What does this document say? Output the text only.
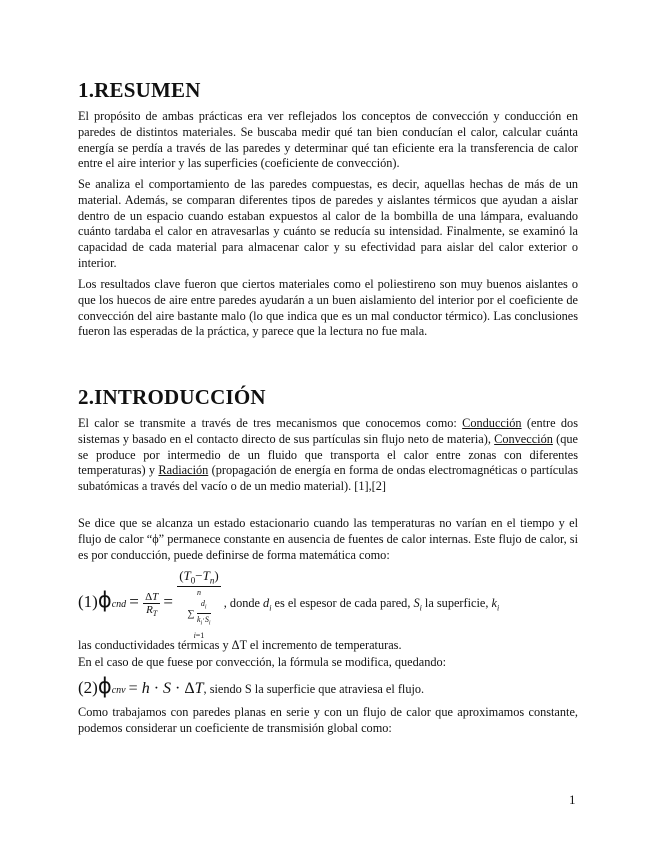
1.RESUMEN

El propósito de ambas prácticas era ver reflejados los conceptos de convección y conducción en paredes de distintos materiales. Se buscaba medir qué tan bien conducían el calor, calcular cuánta energía se perdía a través de las paredes y determinar qué tan eficiente era la transferencia de calor entre el aire interior y las superficies (coeficiente de convección).

Se analiza el comportamiento de las paredes compuestas, es decir, aquellas hechas de más de un material. Además, se comparan diferentes tipos de paredes y aislantes térmicos que ayudan a aislar dentro de un espacio cuando estaban expuestos al calor de la bombilla de una lámpara, evaluando cuánto tardaba el calor en atravesarlas y cuánto se reducía su intensidad. Finalmente, se examinó la capacidad de cada material para almacenar calor y su efectividad para aislar del calor exterior o interior.

Los resultados clave fueron que ciertos materiales como el poliestireno son muy buenos aislantes o que los huecos de aire entre paredes ayudarán a un buen aislamiento del interior por el coeficiente de convección del aire bastante malo (lo que indica que es un mal conductor térmico). Las conclusiones fueron las esperadas de la práctica, y parece que la lectura no fue mala.

2.INTRODUCCIÓN

El calor se transmite a través de tres mecanismos que conocemos como: Conducción (entre dos sistemas y basado en el contacto directo de sus partículas sin flujo neto de materia), Convección (que se produce por intermedio de un fluido que transporta el calor entre zonas con diferentes temperaturas) y Radiación (propagación de energía en forma de ondas electromagnéticas o partículas subatómicas a través del vacío o de un medio material). [1],[2]

Se dice que se alcanza un estado estacionario cuando las temperaturas no varían en el tiempo y el flujo de calor “ϕ” permanece constante en ausencia de fuentes de calor internas. Este flujo de calor, si es por conducción, puede definirse de forma matemática como:

$(1)\phi cnd = \frac{\Delta T}{R_T}$ =
$(T_0-T_n)$
n
∑ $\frac{d_i}{k_i\cdot S_i}$

i=1
, donde $d_i$ es el espesor de cada pared, $S_i$ la superficie, $k_i$

las conductividades térmicas y ΔT el incremento de temperaturas.

En el caso de que fuese por convección, la fórmula se modifica, quedando:

(2)ϕcnv = h · S · ΔT, siendo S la superficie que atraviesa el flujo.

Como trabajamos con paredes planas en serie y con un flujo de calor que aproximamos constante, podemos considerar un coeficiente de transmisión global como:

1
